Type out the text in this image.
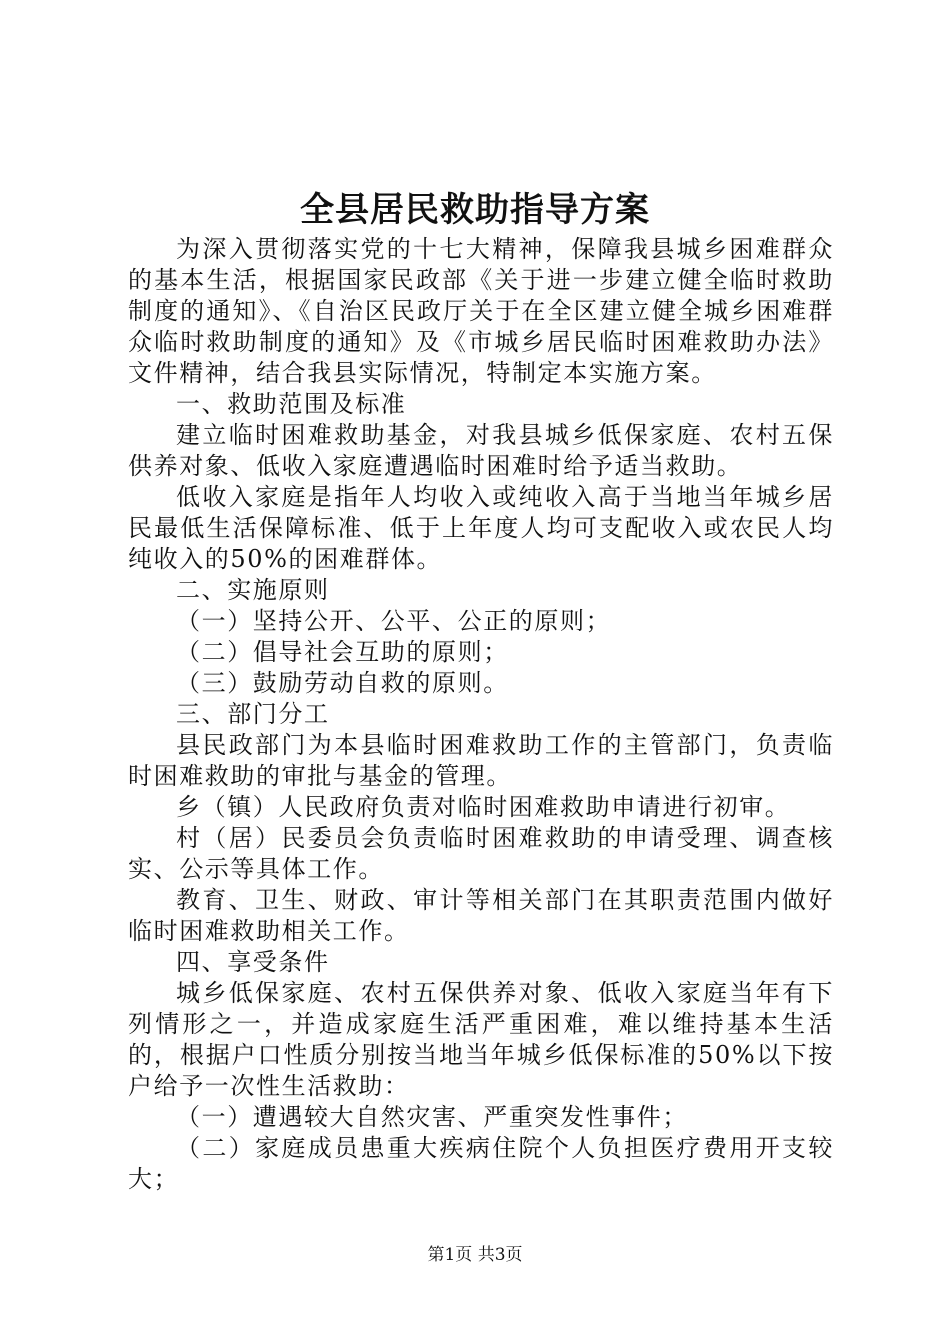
全县居民救助指导方案

为深入贯彻落实党的十七大精神，保障我县城乡困难群众的基本生活，根据国家民政部《关于进一步建立健全临时救助制度的通知》、《自治区民政厅关于在全区建立健全城乡困难群众临时救助制度的通知》及《市城乡居民临时困难救助办法》文件精神，结合我县实际情况，特制定本实施方案。

一、救助范围及标准

建立临时困难救助基金，对我县城乡低保家庭、农村五保供养对象、低收入家庭遭遇临时困难时给予适当救助。

低收入家庭是指年人均收入或纯收入高于当地当年城乡居民最低生活保障标准、低于上年度人均可支配收入或农民人均纯收入的50%的困难群体。

二、实施原则

（一）坚持公开、公平、公正的原则；

（二）倡导社会互助的原则；

（三）鼓励劳动自救的原则。

三、部门分工

县民政部门为本县临时困难救助工作的主管部门，负责临时困难救助的审批与基金的管理。

乡（镇）人民政府负责对临时困难救助申请进行初审。

村（居）民委员会负责临时困难救助的申请受理、调查核实、公示等具体工作。

教育、卫生、财政、审计等相关部门在其职责范围内做好临时困难救助相关工作。

四、享受条件

城乡低保家庭、农村五保供养对象、低收入家庭当年有下列情形之一，并造成家庭生活严重困难，难以维持基本生活的，根据户口性质分别按当地当年城乡低保标准的50%以下按户给予一次性生活救助：

（一）遭遇较大自然灾害、严重突发性事件；

（二）家庭成员患重大疾病住院个人负担医疗费用开支较大；

第1页 共3页
